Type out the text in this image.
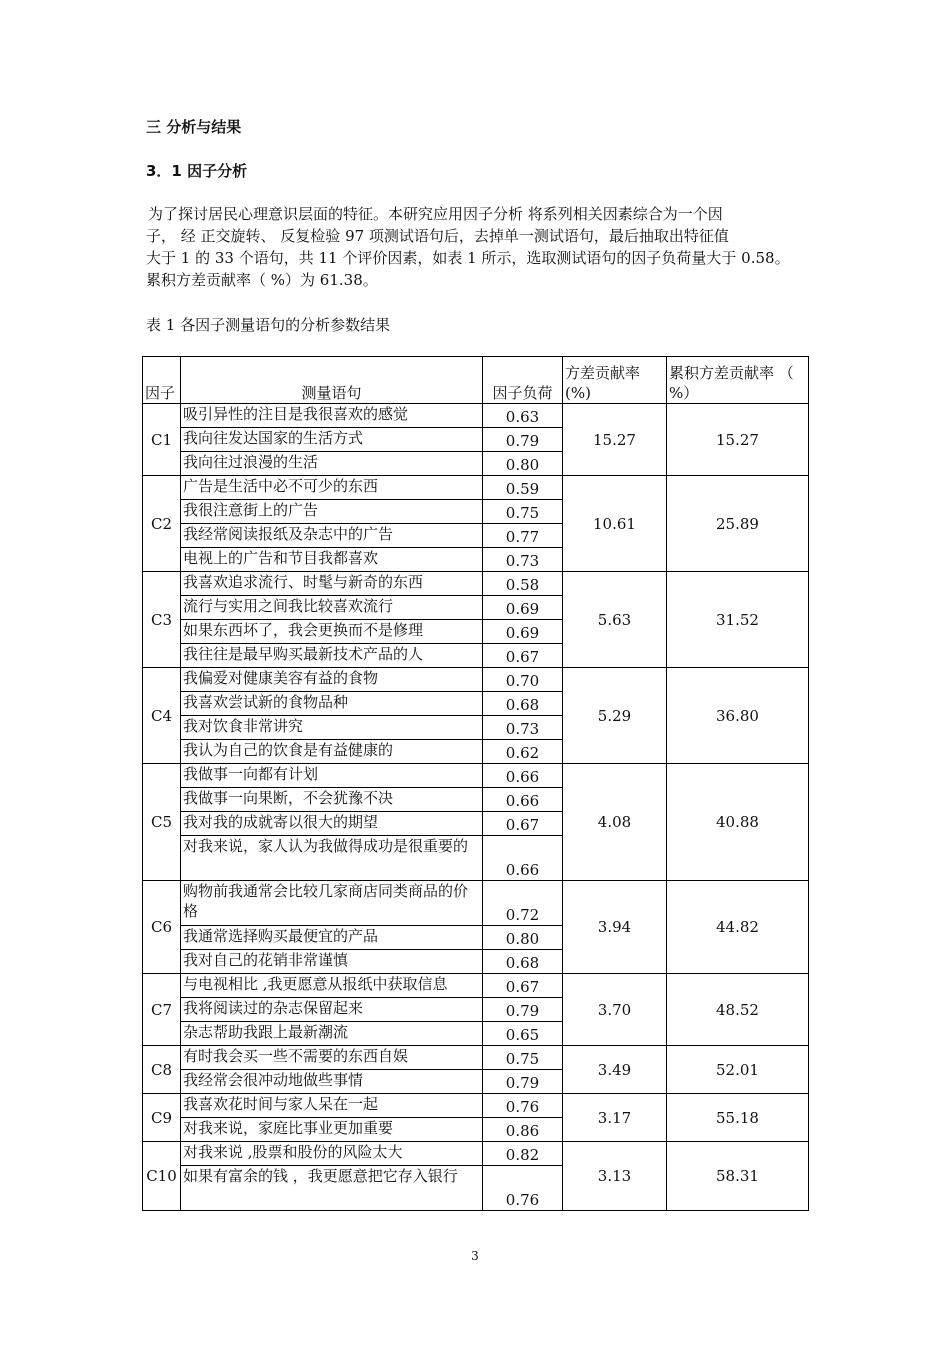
三 分析与结果
3．1 因子分析

为了探讨居民心理意识层面的特征。本研究应用因子分析 将系列相关因素综合为一个因

子， 经 正交旋转、 反复检验 97 项测试语句后，去掉单一测试语句，最后抽取出特征值

大于 1 的 33 个语句，共 11 个评价因素，如表 1 所示，选取测试语句的因子负荷量大于 0.58。

累积方差贡献率（ %）为 61.38。

表 1 各因子测量语句的分析参数结果
因子	测量语句	因子负荷	方差贡献率 (%)	累积方差贡献率 （ %）
C1	吸引异性的注目是我很喜欢的感觉	0.63	15.27	15.27
	我向往发达国家的生活方式	0.79		
	我向往过浪漫的生活	0.80		
C2	广告是生活中必不可少的东西	0.59	10.61	25.89
	我很注意街上的广告	0.75		
	我经常阅读报纸及杂志中的广告	0.77		
	电视上的广告和节目我都喜欢	0.73		
C3	我喜欢追求流行、时髦与新奇的东西	0.58	5.63	31.52
	流行与实用之间我比较喜欢流行	0.69		
	如果东西坏了，我会更换而不是修理	0.69		
	我往往是最早购买最新技术产品的人	0.67		
C4	我偏爱对健康美容有益的食物	0.70	5.29	36.80
	我喜欢尝试新的食物品种	0.68		
	我对饮食非常讲究	0.73		
	我认为自己的饮食是有益健康的	0.62		
C5	我做事一向都有计划	0.66	4.08	40.88
	我做事一向果断，不会犹豫不决	0.66		
	我对我的成就寄以很大的期望	0.67		
	对我来说，家人认为我做得成功是很重要的	0.66		
C6	购物前我通常会比较几家商店同类商品的价格	0.72	3.94	44.82
	我通常选择购买最便宜的产品	0.80		
	我对自己的花销非常谨慎	0.68		
C7	与电视相比 ,我更愿意从报纸中获取信息	0.67	3.70	48.52
	我将阅读过的杂志保留起来	0.79		
	杂志帮助我跟上最新潮流	0.65		
C8	有时我会买一些不需要的东西自娱	0.75	3.49	52.01
	我经常会很冲动地做些事情	0.79		
C9	我喜欢花时间与家人呆在一起	0.76	3.17	55.18
	对我来说，家庭比事业更加重要	0.86		
C10	对我来说 ,股票和股份的风险太大	0.82	3.13	58.31
	如果有富余的钱 ，我更愿意把它存入银行	0.76		
3
